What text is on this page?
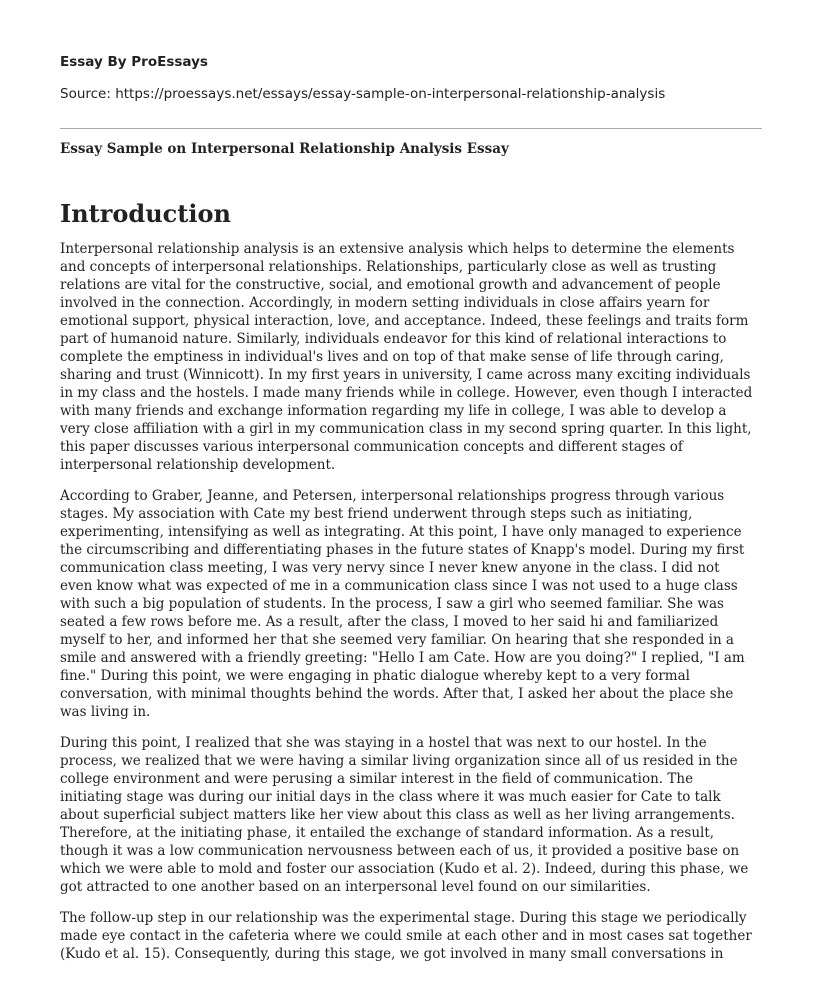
Essay By ProEssays
Source: https://proessays.net/essays/essay-sample-on-interpersonal-relationship-analysis
Essay Sample on Interpersonal Relationship Analysis Essay
Introduction

Interpersonal relationship analysis is an extensive analysis which helps to determine the elements
and concepts of interpersonal relationships. Relationships, particularly close as well as trusting
relations are vital for the constructive, social, and emotional growth and advancement of people
involved in the connection. Accordingly, in modern setting individuals in close affairs yearn for
emotional support, physical interaction, love, and acceptance. Indeed, these feelings and traits form
part of humanoid nature. Similarly, individuals endeavor for this kind of relational interactions to
complete the emptiness in individual's lives and on top of that make sense of life through caring,
sharing and trust (Winnicott). In my first years in university, I came across many exciting individuals
in my class and the hostels. I made many friends while in college. However, even though I interacted
with many friends and exchange information regarding my life in college, I was able to develop a
very close affiliation with a girl in my communication class in my second spring quarter. In this light,
this paper discusses various interpersonal communication concepts and different stages of
interpersonal relationship development.

According to Graber, Jeanne, and Petersen, interpersonal relationships progress through various
stages. My association with Cate my best friend underwent through steps such as initiating,
experimenting, intensifying as well as integrating. At this point, I have only managed to experience
the circumscribing and differentiating phases in the future states of Knapp's model. During my first
communication class meeting, I was very nervy since I never knew anyone in the class. I did not
even know what was expected of me in a communication class since I was not used to a huge class
with such a big population of students. In the process, I saw a girl who seemed familiar. She was
seated a few rows before me. As a result, after the class, I moved to her said hi and familiarized
myself to her, and informed her that she seemed very familiar. On hearing that she responded in a
smile and answered with a friendly greeting: "Hello I am Cate. How are you doing?" I replied, "I am
fine." During this point, we were engaging in phatic dialogue whereby kept to a very formal
conversation, with minimal thoughts behind the words. After that, I asked her about the place she
was living in.

During this point, I realized that she was staying in a hostel that was next to our hostel. In the
process, we realized that we were having a similar living organization since all of us resided in the
college environment and were perusing a similar interest in the field of communication. The
initiating stage was during our initial days in the class where it was much easier for Cate to talk
about superficial subject matters like her view about this class as well as her living arrangements.
Therefore, at the initiating phase, it entailed the exchange of standard information. As a result,
though it was a low communication nervousness between each of us, it provided a positive base on
which we were able to mold and foster our association (Kudo et al. 2). Indeed, during this phase, we
got attracted to one another based on an interpersonal level found on our similarities.

The follow-up step in our relationship was the experimental stage. During this stage we periodically
made eye contact in the cafeteria where we could smile at each other and in most cases sat together
(Kudo et al. 15). Consequently, during this stage, we got involved in many small conversations in
